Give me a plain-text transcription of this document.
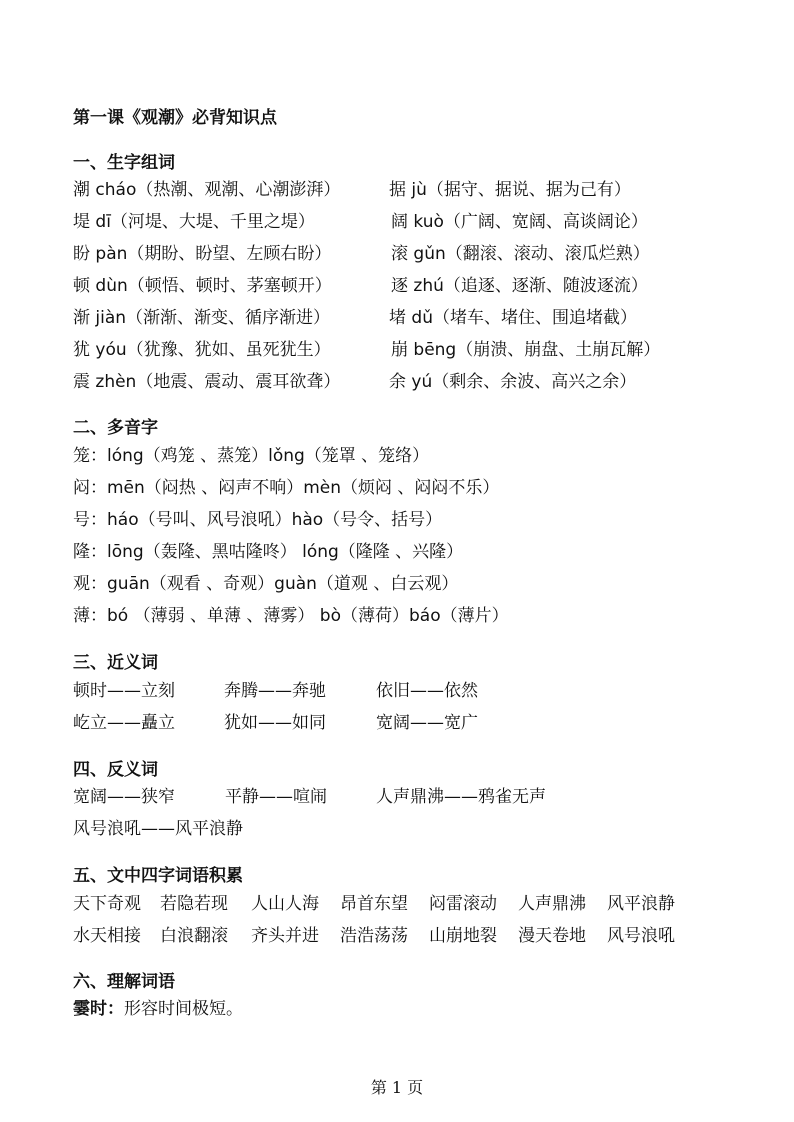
第一课《观潮》必背知识点
一、生字组词
潮 cháo（热潮、观潮、心潮澎湃）	据 jù（据守、据说、据为己有）
堤 dī（河堤、大堤、千里之堤）	阔 kuò（广阔、宽阔、高谈阔论）
盼 pàn（期盼、盼望、左顾右盼）	滚 gǔn（翻滚、滚动、滚瓜烂熟）
顿 dùn（顿悟、顿时、茅塞顿开）	逐 zhú（追逐、逐渐、随波逐流）
渐 jiàn（渐渐、渐变、循序渐进）	堵 dǔ（堵车、堵住、围追堵截）
犹 yóu（犹豫、犹如、虽死犹生）	崩 bēng（崩溃、崩盘、土崩瓦解）
震 zhèn（地震、震动、震耳欲聋）	余 yú（剩余、余波、高兴之余）
二、多音字
笼：lóng（鸡笼 、蒸笼）lǒng（笼罩 、笼络）
闷：mēn（闷热 、闷声不响）mèn（烦闷 、闷闷不乐）
号：háo（号叫、风号浪吼）hào（号令、括号）
隆：lōng（轰隆、黑咕隆咚） lóng（隆隆 、兴隆）
观：guān（观看 、奇观）guàn（道观 、白云观）
薄：bó （薄弱 、单薄 、薄雾） bò（薄荷）báo（薄片）
三、近义词
顿时——立刻	奔腾——奔驰	依旧——依然
屹立——矗立	犹如——如同	宽阔——宽广
四、反义词
宽阔——狭窄	平静——喧闹	人声鼎沸——鸦雀无声
风号浪吼——风平浪静
五、文中四字词语积累
天下奇观 若隐若现 人山人海 昂首东望 闷雷滚动 人声鼎沸 风平浪静
水天相接 白浪翻滚 齐头并进 浩浩荡荡 山崩地裂 漫天卷地 风号浪吼
六、理解词语
霎时：形容时间极短。
第 1 页
